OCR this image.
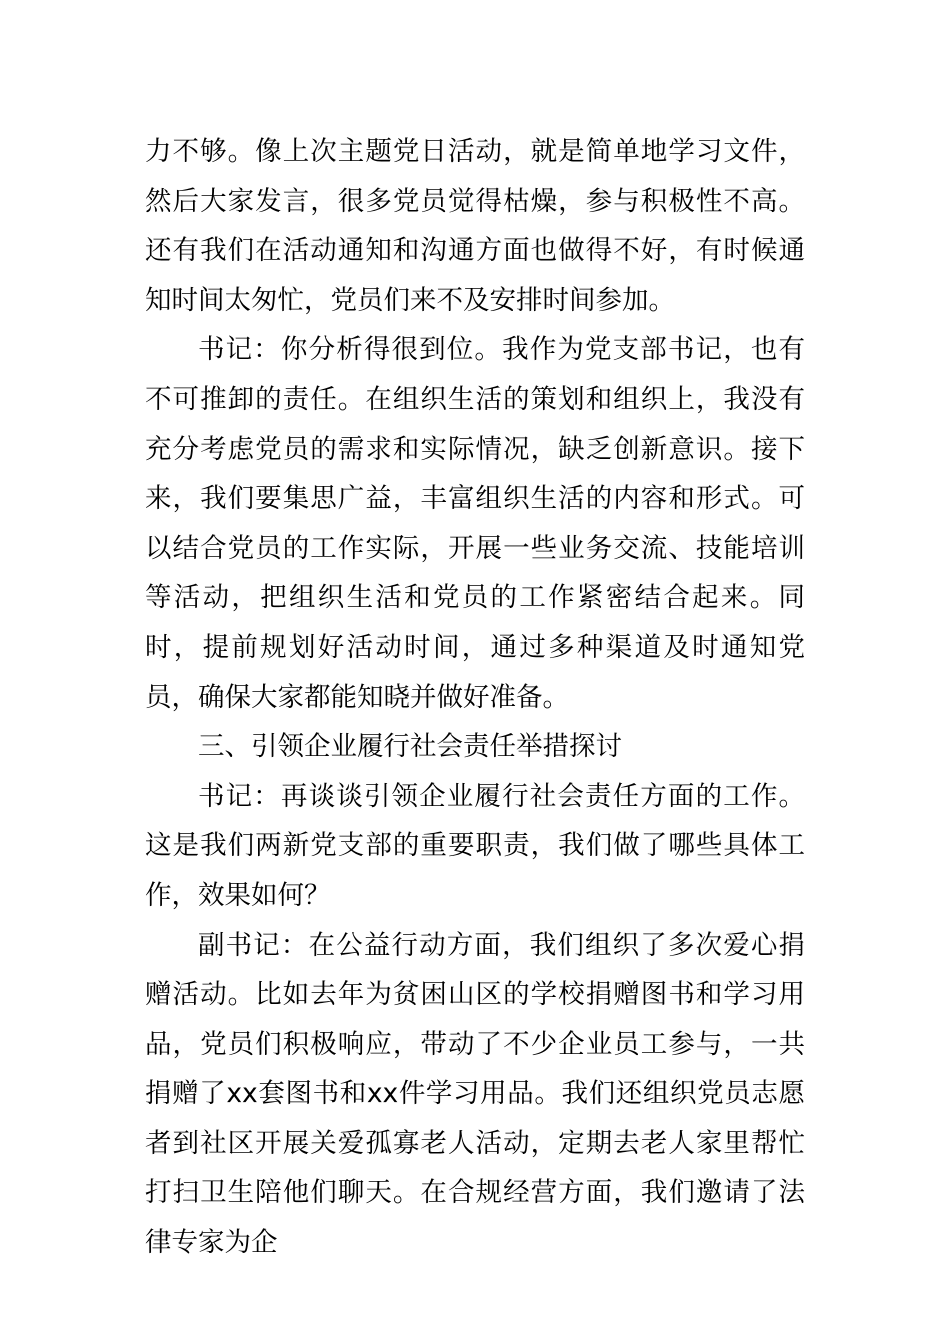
力不够。像上次主题党日活动，就是简单地学习文件，然后大家发言，很多党员觉得枯燥，参与积极性不高。还有我们在活动通知和沟通方面也做得不好，有时候通知时间太匆忙，党员们来不及安排时间参加。

书记：你分析得很到位。我作为党支部书记，也有不可推卸的责任。在组织生活的策划和组织上，我没有充分考虑党员的需求和实际情况，缺乏创新意识。接下来，我们要集思广益，丰富组织生活的内容和形式。可以结合党员的工作实际，开展一些业务交流、技能培训等活动，把组织生活和党员的工作紧密结合起来。同时，提前规划好活动时间，通过多种渠道及时通知党员，确保大家都能知晓并做好准备。

三、引领企业履行社会责任举措探讨

书记：再谈谈引领企业履行社会责任方面的工作。这是我们两新党支部的重要职责，我们做了哪些具体工作，效果如何？

副书记：在公益行动方面，我们组织了多次爱心捐赠活动。比如去年为贫困山区的学校捐赠图书和学习用品，党员们积极响应，带动了不少企业员工参与，一共捐赠了xx套图书和xx件学习用品。我们还组织党员志愿者到社区开展关爱孤寡老人活动，定期去老人家里帮忙打扫卫生陪他们聊天。在合规经营方面，我们邀请了法律专家为企
